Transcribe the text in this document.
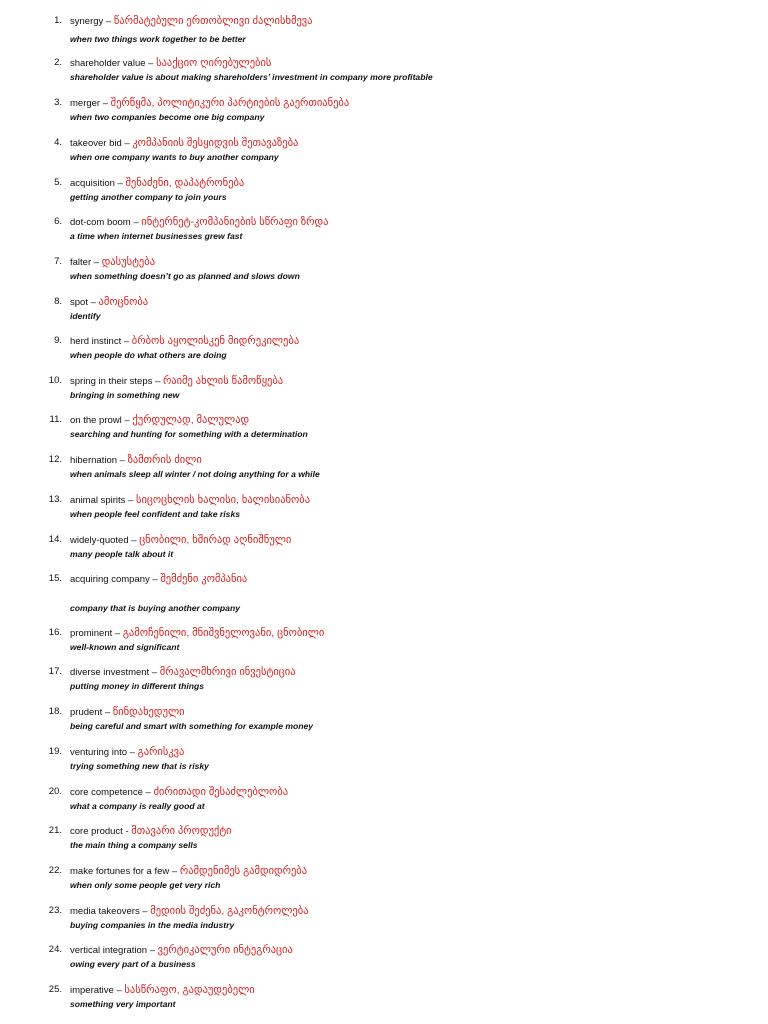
1. synergy – წარმატებული ერთობლივი ძალისხმევა
when two things work together to be better
2. shareholder value – სააქციო ღირებულების
shareholder value is about making shareholders’ investment in company more profitable
3. merger – შერწყმა, პოლიტიკური პარტიების გაერთიანება
when two companies become one big company
4. takeover bid – კომპანიის შესყიდვის შეთავაზება
when one company wants to buy another company
5. acquisition – შენაძენი, დაპატრონება
getting another company to join yours
6. dot-com boom – ინტერნეტ-კომპანიების სწრაფი ზრდა
a time when internet businesses grew fast
7. falter – დასუსტება
when something doesn’t go as planned and slows down
8. spot – ამოცნობა
identify
9. herd instinct – ბრბოს აყოლისკენ მიდრეკილება
when people do what others are doing
10. spring in their steps – რაიმე ახლის წამოწყება
bringing in something new
11. on the prowl – ქურდულად, მალულად
searching and hunting for something with a determination
12. hibernation – ზამთრის ძილი
when animals sleep all winter / not doing anything for a while
13. animal spirits – სიცოცხლის ხალისი, ხალისიანობა
when people feel confident and take risks
14. widely-quoted – ცნობილი, ხშირად აღნიშნული
many people talk about it
15. acquiring company – შემძენი კომპანია
company that is buying another company
16. prominent – გამოჩენილი, მნიშვნელოვანი, ცნობილი
well-known and significant
17. diverse investment – მრავალმხრივი ინვესტიცია
putting money in different things
18. prudent – წინდახედული
being careful and smart with something for example money
19. venturing into – გარისკვა
trying something new that is risky
20. core competence – ძირითადი შესაძლებლობა
what a company is really good at
21. core product - მთავარი პროდუქტი
the main thing a company sells
22. make fortunes for a few – რამდენიმეს გამდიდრება
when only some people get very rich
23. media takeovers – მედიის შეძენა, გაკონტროლება
buying companies in the media industry
24. vertical integration – ვერტიკალური ინტეგრაცია
owing every part of a business
25. imperative – სასწრაფო, გადაუდებელი
something very important
